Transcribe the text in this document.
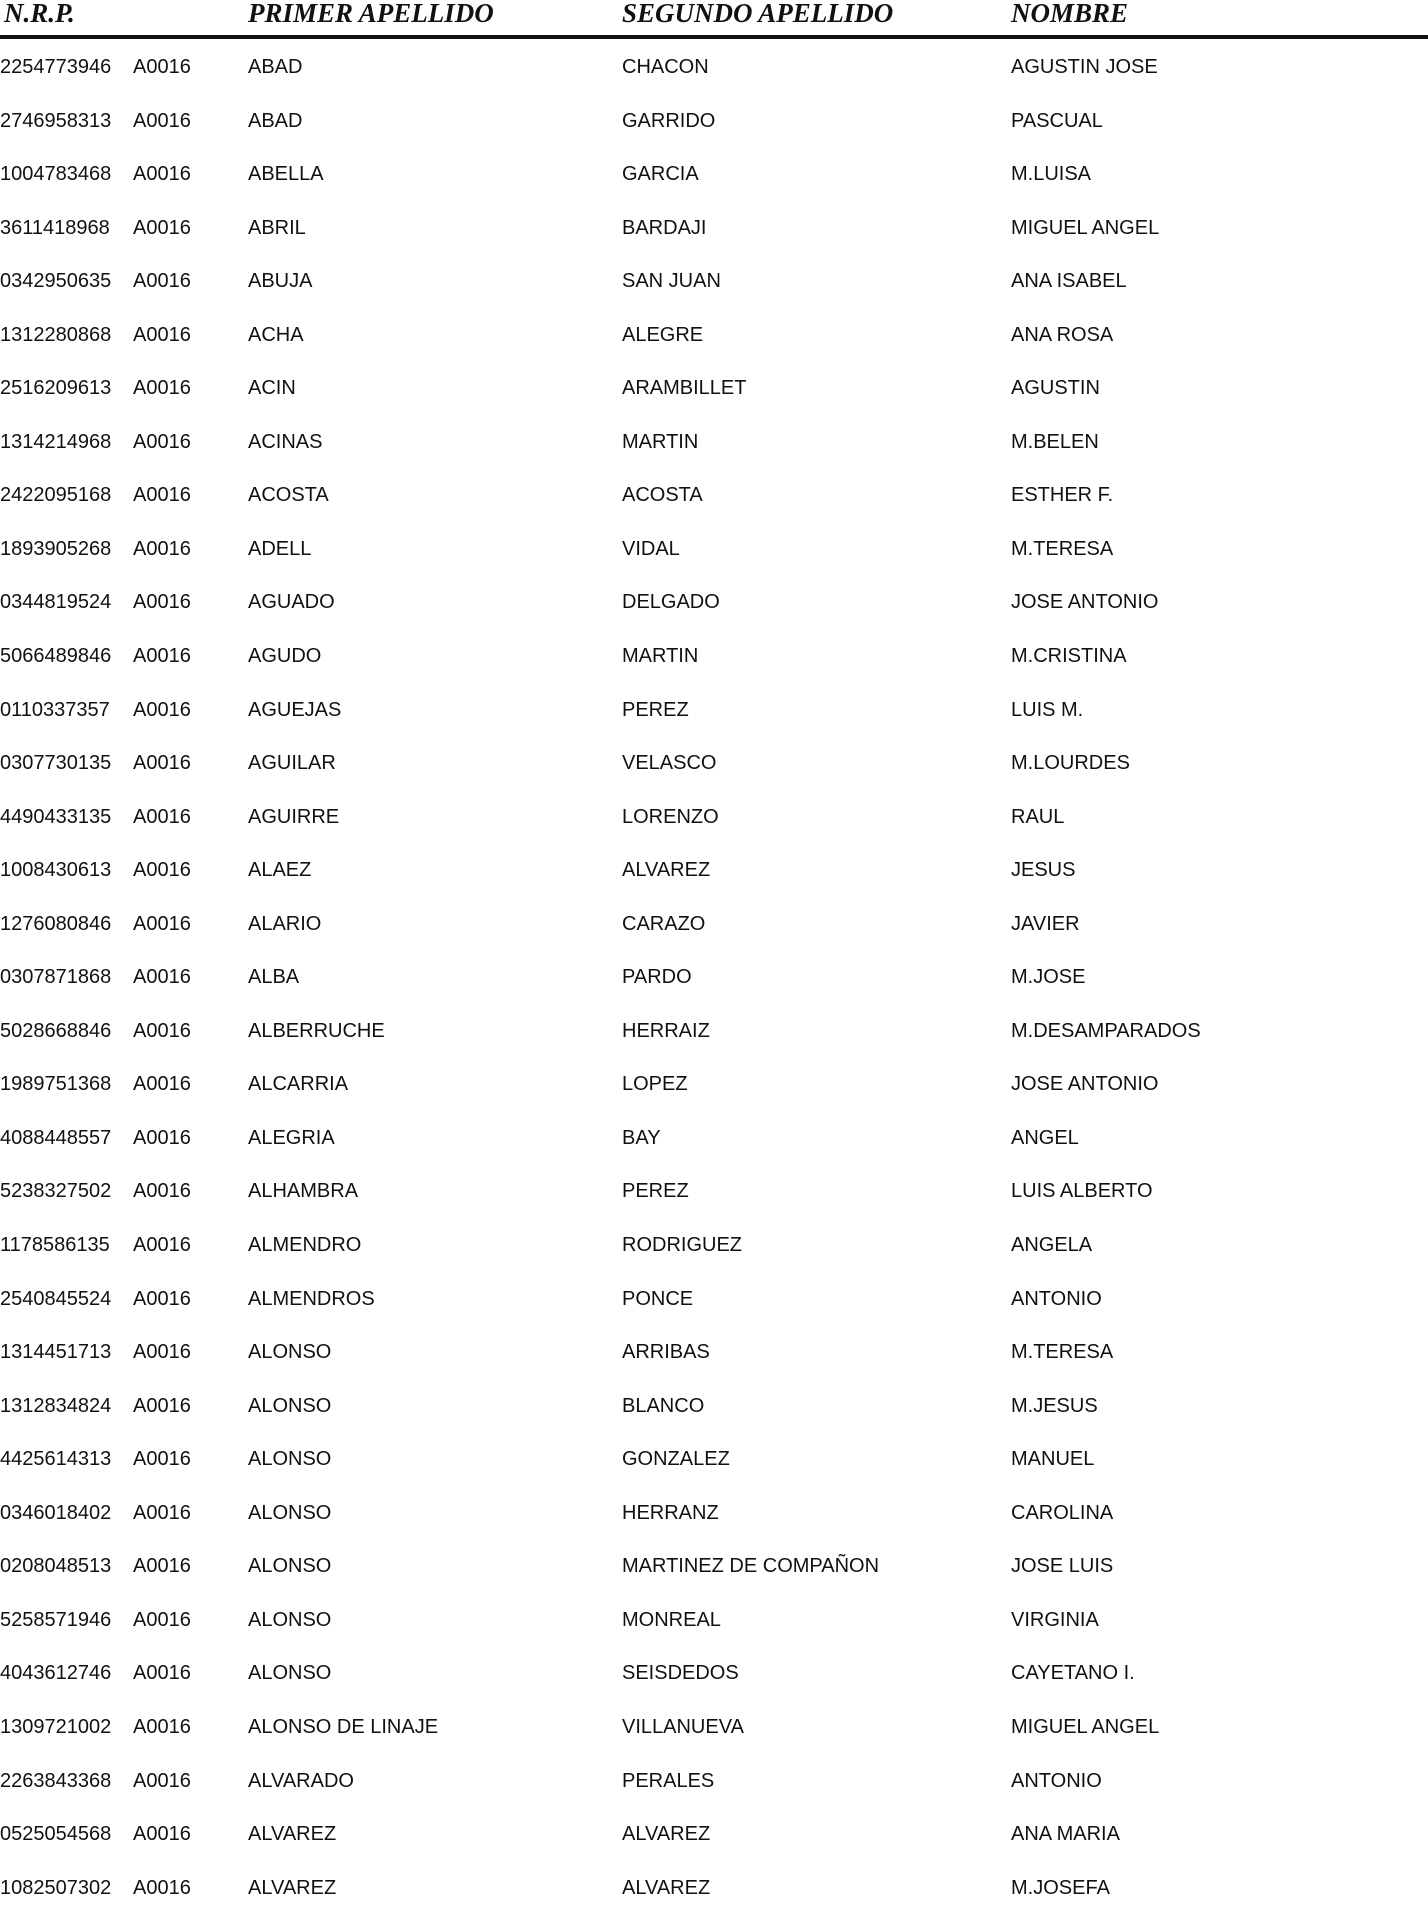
N.R.P.	PRIMER APELLIDO	SEGUNDO APELLIDO	NOMBRE
2254773946 A0016	ABAD	CHACON	AGUSTIN JOSE
2746958313 A0016	ABAD	GARRIDO	PASCUAL
1004783468 A0016	ABELLA	GARCIA	M.LUISA
3611418968 A0016	ABRIL	BARDAJI	MIGUEL ANGEL
0342950635 A0016	ABUJA	SAN JUAN	ANA ISABEL
1312280868 A0016	ACHA	ALEGRE	ANA ROSA
2516209613 A0016	ACIN	ARAMBILLET	AGUSTIN
1314214968 A0016	ACINAS	MARTIN	M.BELEN
2422095168 A0016	ACOSTA	ACOSTA	ESTHER F.
1893905268 A0016	ADELL	VIDAL	M.TERESA
0344819524 A0016	AGUADO	DELGADO	JOSE ANTONIO
5066489846 A0016	AGUDO	MARTIN	M.CRISTINA
0110337357 A0016	AGUEJAS	PEREZ	LUIS M.
0307730135 A0016	AGUILAR	VELASCO	M.LOURDES
4490433135 A0016	AGUIRRE	LORENZO	RAUL
1008430613 A0016	ALAEZ	ALVAREZ	JESUS
1276080846 A0016	ALARIO	CARAZO	JAVIER
0307871868 A0016	ALBA	PARDO	M.JOSE
5028668846 A0016	ALBERRUCHE	HERRAIZ	M.DESAMPARADOS
1989751368 A0016	ALCARRIA	LOPEZ	JOSE ANTONIO
4088448557 A0016	ALEGRIA	BAY	ANGEL
5238327502 A0016	ALHAMBRA	PEREZ	LUIS ALBERTO
1178586135 A0016	ALMENDRO	RODRIGUEZ	ANGELA
2540845524 A0016	ALMENDROS	PONCE	ANTONIO
1314451713 A0016	ALONSO	ARRIBAS	M.TERESA
1312834824 A0016	ALONSO	BLANCO	M.JESUS
4425614313 A0016	ALONSO	GONZALEZ	MANUEL
0346018402 A0016	ALONSO	HERRANZ	CAROLINA
0208048513 A0016	ALONSO	MARTINEZ DE COMPAÑON	JOSE LUIS
5258571946 A0016	ALONSO	MONREAL	VIRGINIA
4043612746 A0016	ALONSO	SEISDEDOS	CAYETANO I.
1309721002 A0016	ALONSO DE LINAJE	VILLANUEVA	MIGUEL ANGEL
2263843368 A0016	ALVARADO	PERALES	ANTONIO
0525054568 A0016	ALVAREZ	ALVAREZ	ANA MARIA
1082507302 A0016	ALVAREZ	ALVAREZ	M.JOSEFA
